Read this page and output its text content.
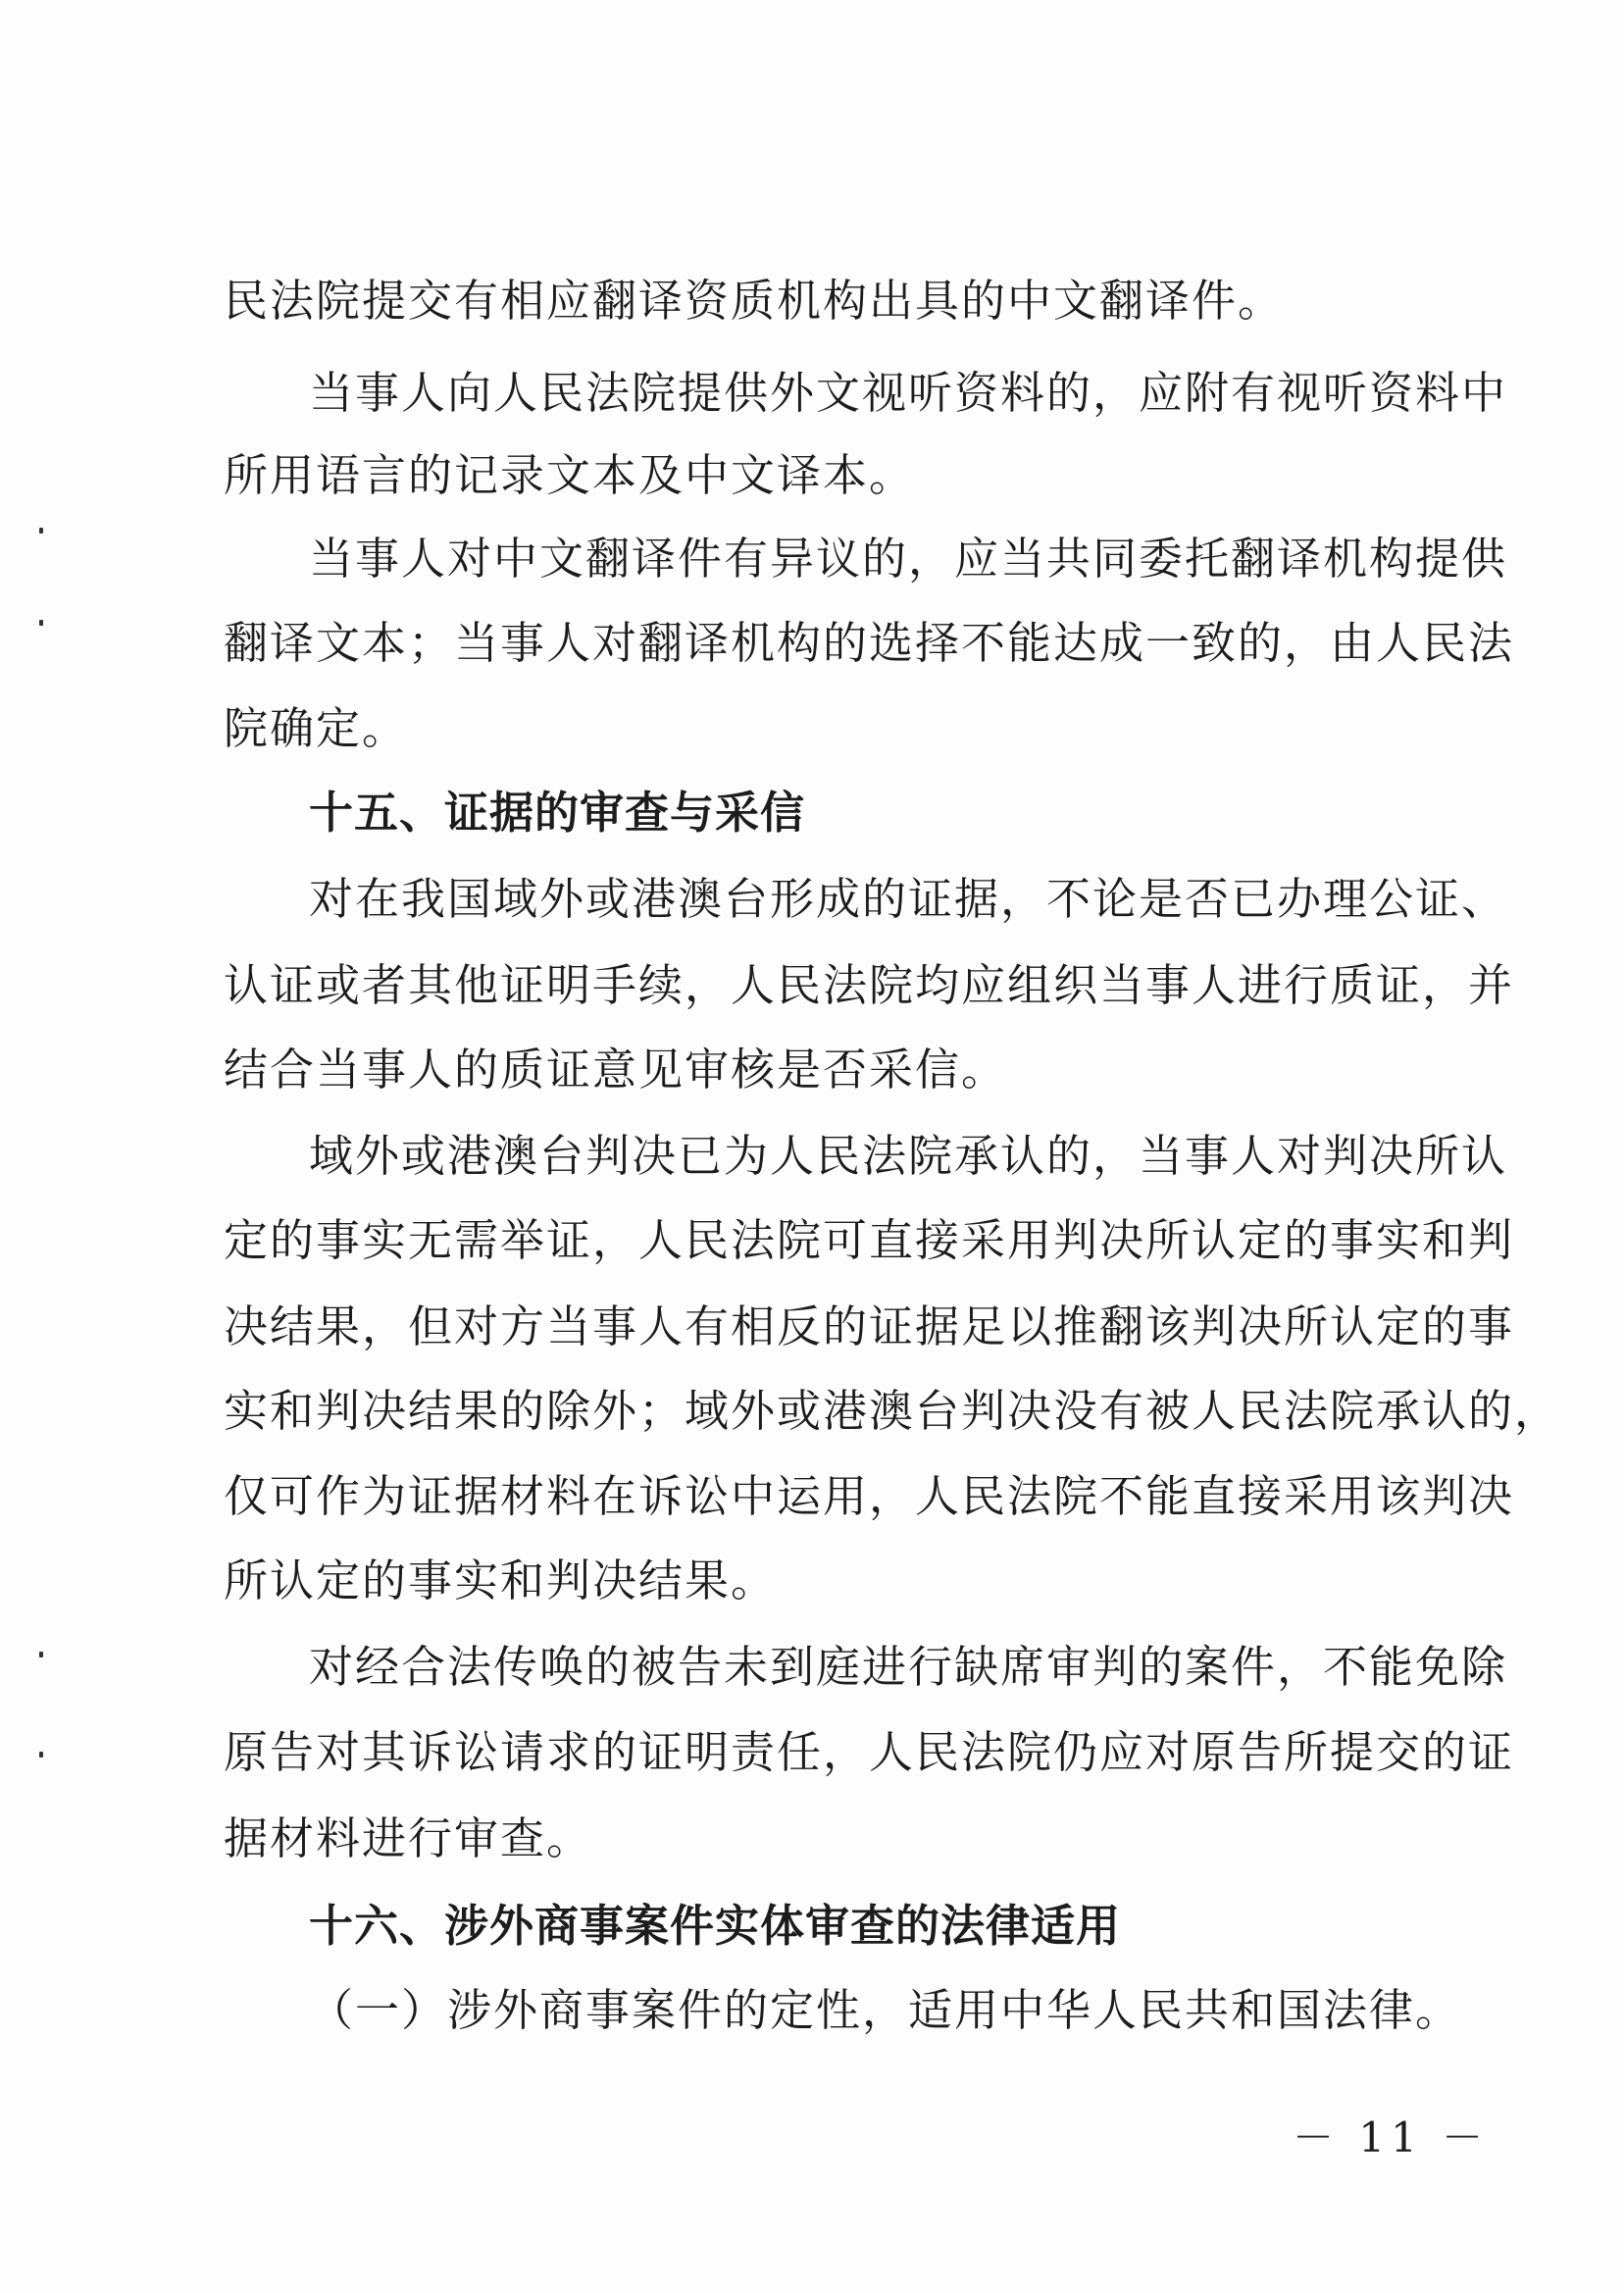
民法院提交有相应翻译资质机构出具的中文翻译件。
当事人向人民法院提供外文视听资料的，应附有视听资料中
所用语言的记录文本及中文译本。
当事人对中文翻译件有异议的，应当共同委托翻译机构提供
翻译文本；当事人对翻译机构的选择不能达成一致的，由人民法
院确定。
十五、证据的审查与采信
对在我国域外或港澳台形成的证据，不论是否已办理公证、
认证或者其他证明手续，人民法院均应组织当事人进行质证，并
结合当事人的质证意见审核是否采信。
域外或港澳台判决已为人民法院承认的，当事人对判决所认
定的事实无需举证，人民法院可直接采用判决所认定的事实和判
决结果，但对方当事人有相反的证据足以推翻该判决所认定的事
实和判决结果的除外；域外或港澳台判决没有被人民法院承认的，
仅可作为证据材料在诉讼中运用，人民法院不能直接采用该判决
所认定的事实和判决结果。
对经合法传唤的被告未到庭进行缺席审判的案件，不能免除
原告对其诉讼请求的证明责任，人民法院仍应对原告所提交的证
据材料进行审查。
十六、涉外商事案件实体审查的法律适用
（一）涉外商事案件的定性，适用中华人民共和国法律。
－ 11 －
